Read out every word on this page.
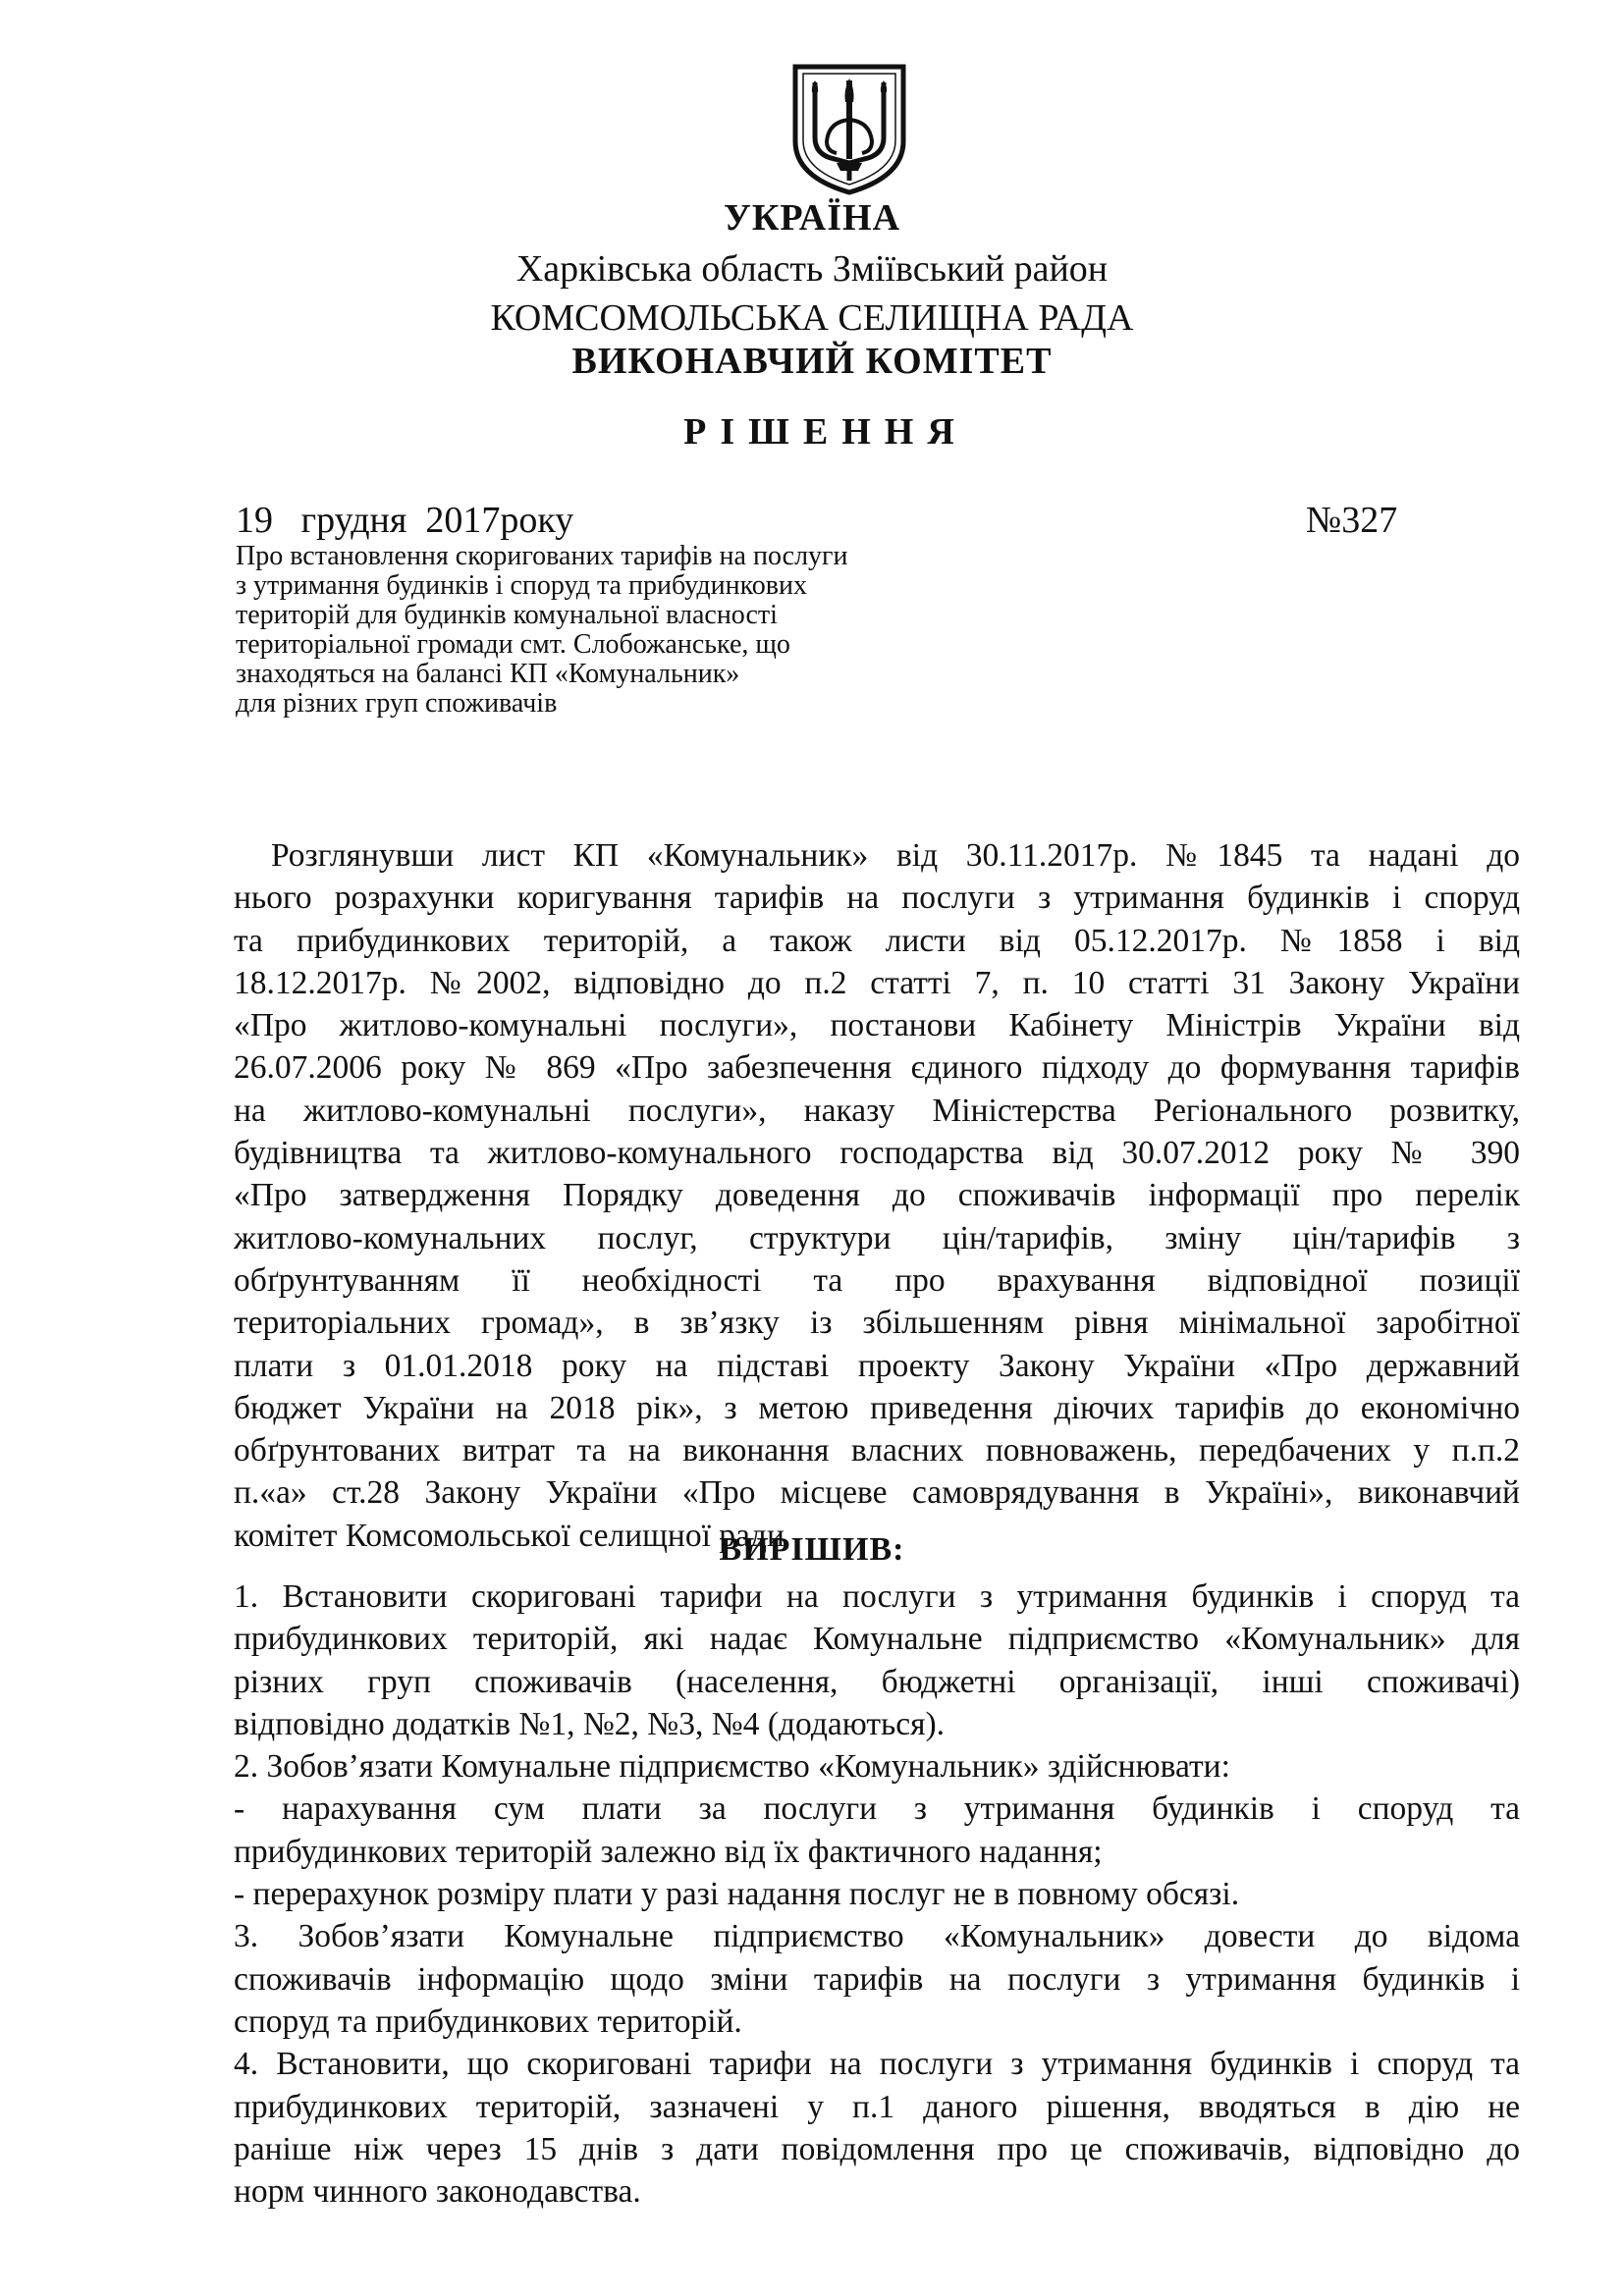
УКРАЇНА
Харківська область Зміївський район
КОМСОМОЛЬСЬКА СЕЛИЩНА РАДА
ВИКОНАВЧИЙ КОМІТЕТ
РІШЕННЯ
19   грудня  2017року	№327
Про встановлення скоригованих тарифів на послуги
з утримання будинків і споруд та прибудинкових
територій для будинків комунальної власності
територіальної громади смт. Слобожанське, що
знаходяться на балансі КП «Комунальник»
для різних груп споживачів
Розглянувши лист КП «Комунальник» від 30.11.2017р. №1845 та надані до
нього розрахунки коригування тарифів на послуги з утримання будинків і споруд
та прибудинкових територій, а також листи від 05.12.2017р. №1858 і від
18.12.2017р. №2002, відповідно до п.2 статті 7, п. 10 статті 31 Закону України
«Про житлово-комунальні послуги», постанови Кабінету Міністрів України від
26.07.2006 року № 869 «Про забезпечення єдиного підходу до формування тарифів
на житлово-комунальні послуги», наказу Міністерства Регіонального розвитку,
будівництва та житлово-комунального господарства від 30.07.2012 року № 390
«Про затвердження Порядку доведення до споживачів інформації про перелік
житлово-комунальних послуг, структури цін/тарифів, зміну цін/тарифів з
обґрунтуванням її необхідності та про врахування відповідної позиції
територіальних громад», в зв’язку із збільшенням рівня мінімальної заробітної
плати з 01.01.2018 року на підставі проекту Закону України «Про державний
бюджет України на 2018 рік», з метою приведення діючих тарифів до економічно
обґрунтованих витрат та на виконання власних повноважень, передбачених у п.п.2
п.«а» ст.28 Закону України «Про місцеве самоврядування в Україні», виконавчий
комітет Комсомольської селищної ради
ВИРІШИВ:
1. Встановити скориговані тарифи на послуги з утримання будинків і споруд та
прибудинкових територій, які надає Комунальне підприємство «Комунальник» для
різних груп споживачів (населення, бюджетні організації, інші споживачі)
відповідно додатків №1, №2, №3, №4 (додаються).
2. Зобов’язати Комунальне підприємство «Комунальник» здійснювати:
- нарахування сум плати за послуги з утримання будинків і споруд та
прибудинкових територій залежно від їх фактичного надання;
- перерахунок розміру плати у разі надання послуг не в повному обсязі.
3. Зобов’язати Комунальне підприємство «Комунальник» довести до відома
споживачів інформацію щодо зміни тарифів на послуги з утримання будинків і
споруд та прибудинкових територій.
4. Встановити, що скориговані тарифи на послуги з утримання будинків і споруд та
прибудинкових територій, зазначені у п.1 даного рішення, вводяться в дію не
раніше ніж через 15 днів з дати повідомлення про це споживачів, відповідно до
норм чинного законодавства.
